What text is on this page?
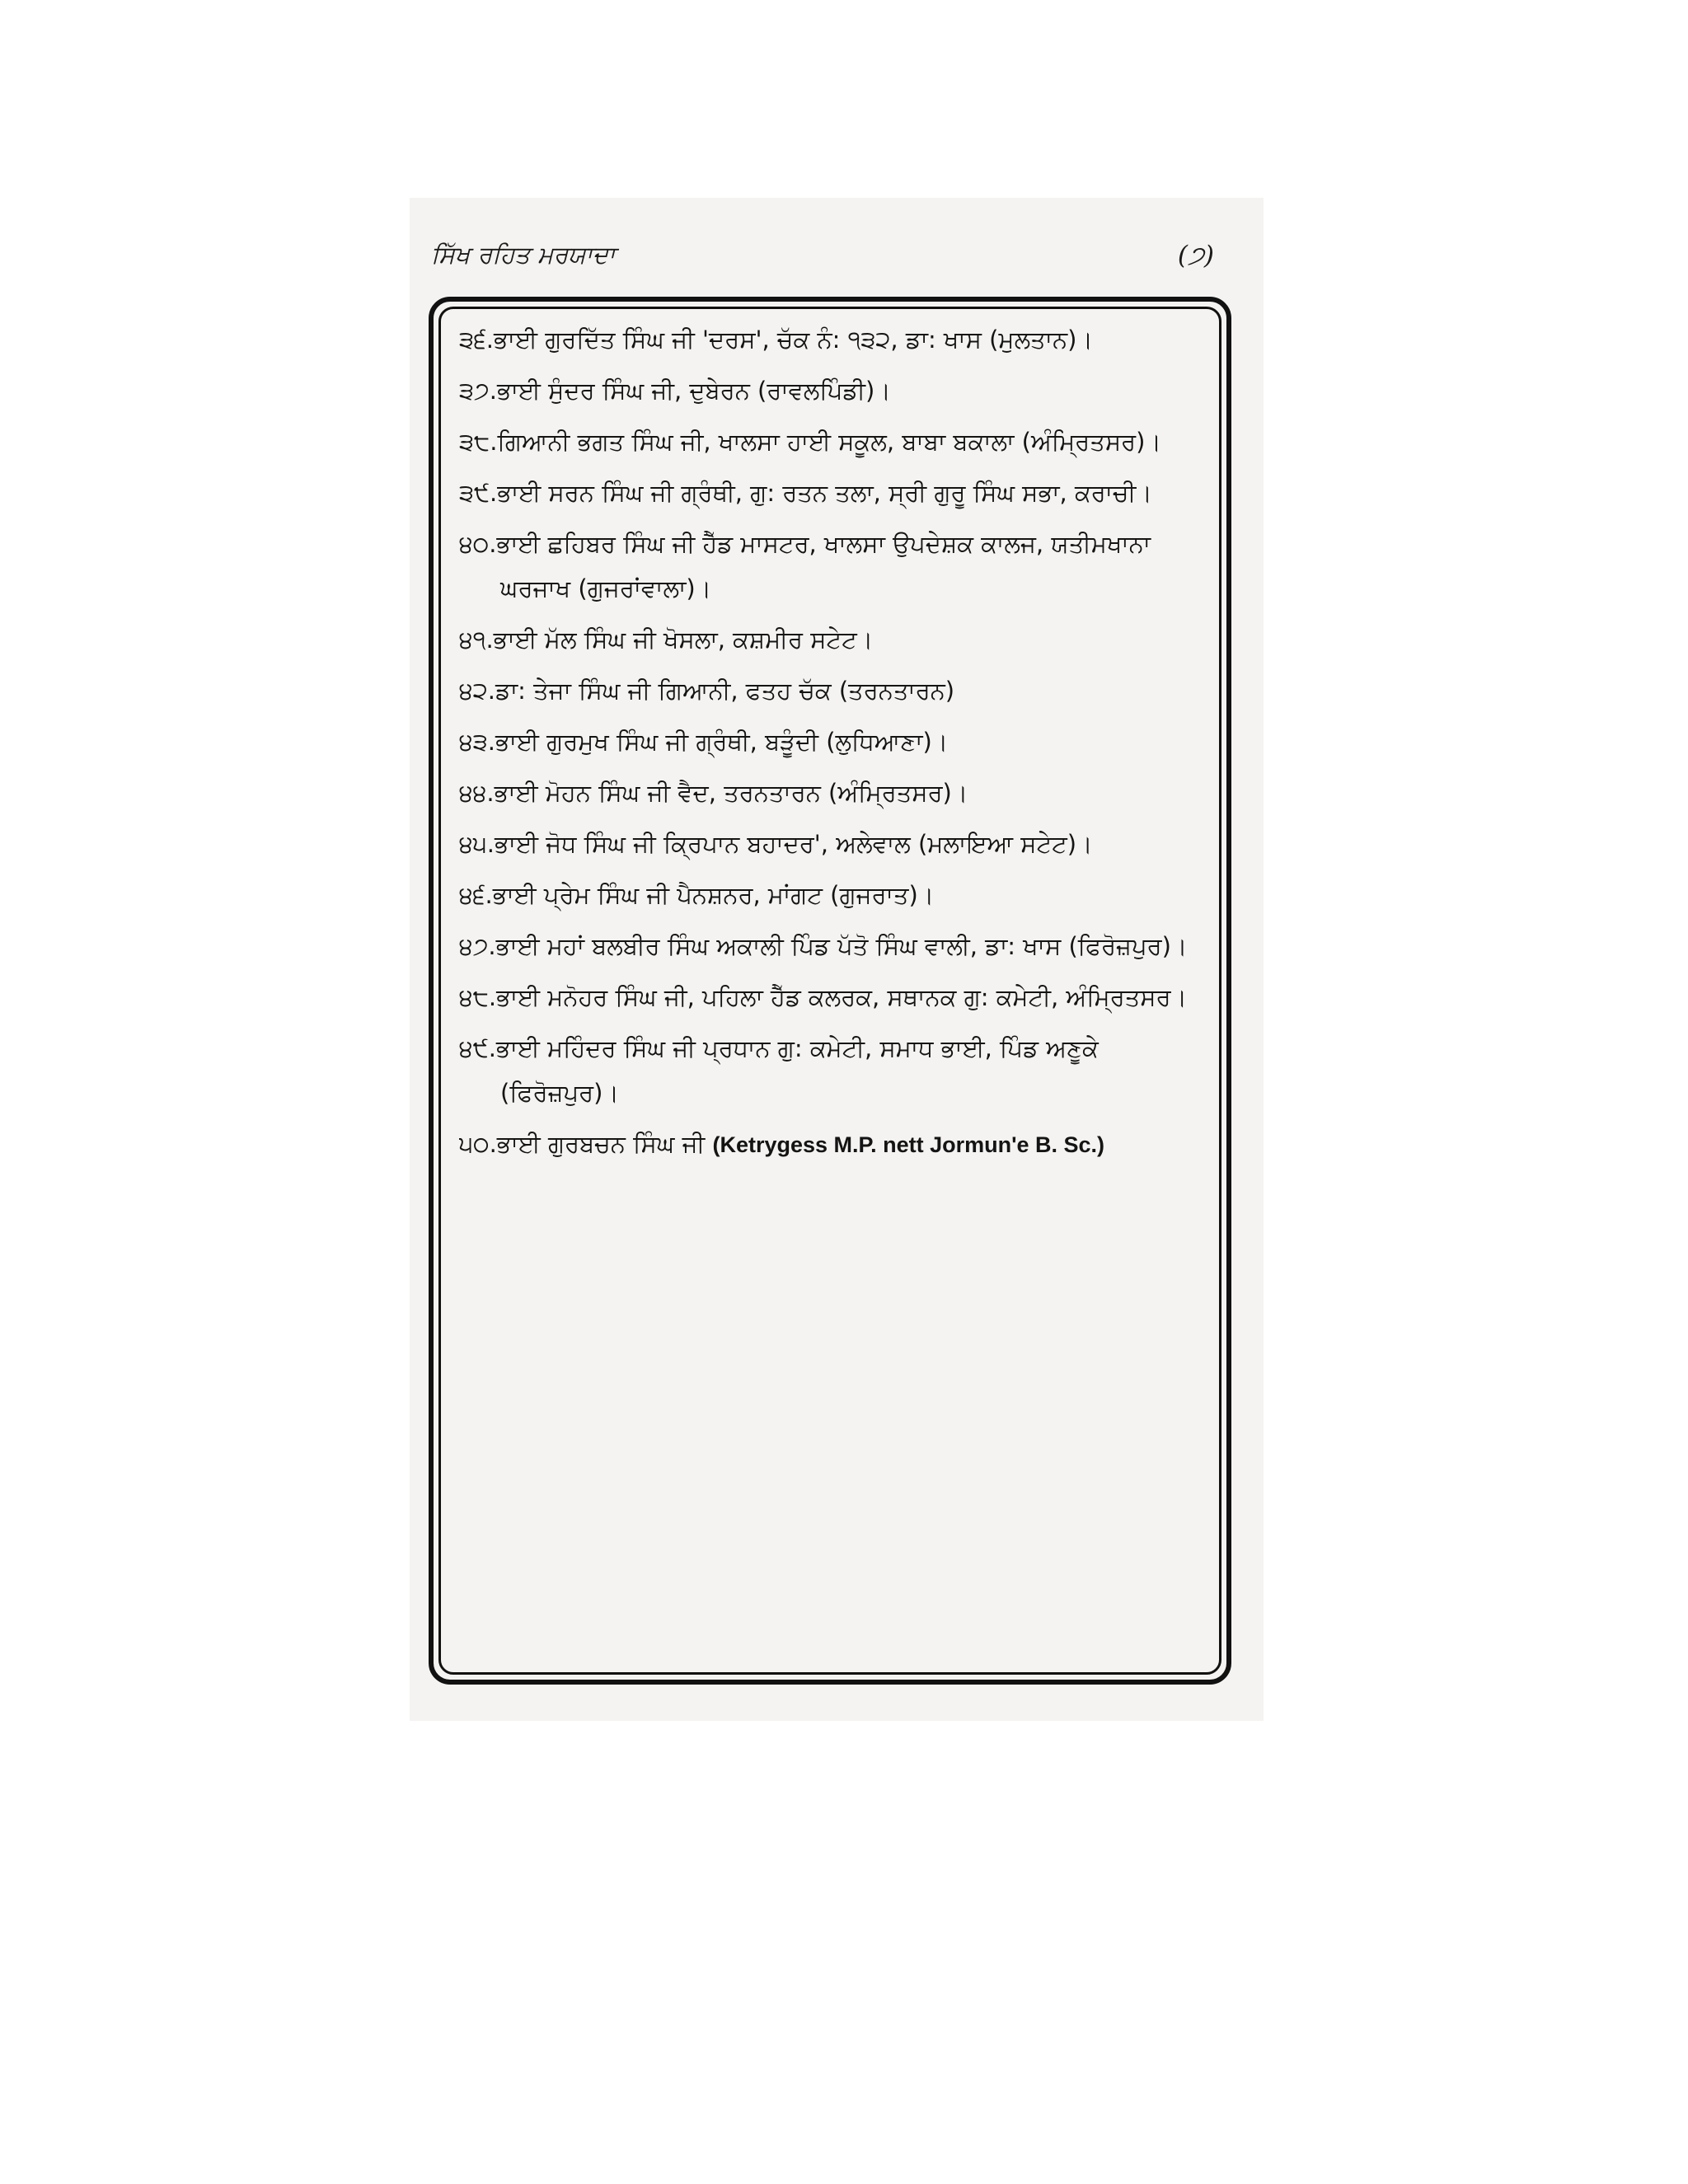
ਸਿੱਖ ਰਹਿਤ ਮਰਯਾਦਾ	(੭)
੩੬.ਭਾਈ ਗੁਰਦਿੱਤ ਸਿੰਘ ਜੀ 'ਦਰਸ', ਚੱਕ ਨੰ: ੧੩੨, ਡਾ: ਖਾਸ (ਮੁਲਤਾਨ)।
੩੭.ਭਾਈ ਸੁੰਦਰ ਸਿੰਘ ਜੀ, ਦੁਬੇਰਨ (ਰਾਵਲਪਿੰਡੀ)।
੩੮.ਗਿਆਨੀ ਭਗਤ ਸਿੰਘ ਜੀ, ਖਾਲਸਾ ਹਾਈ ਸਕੂਲ, ਬਾਬਾ ਬਕਾਲਾ (ਅੰਮ੍ਰਿਤਸਰ)।
੩੯.ਭਾਈ ਸਰਨ ਸਿੰਘ ਜੀ ਗ੍ਰੰਥੀ, ਗੁ: ਰਤਨ ਤਲਾ, ਸ੍ਰੀ ਗੁਰੂ ਸਿੰਘ ਸਭਾ, ਕਰਾਚੀ।
੪੦.ਭਾਈ ਛਹਿਬਰ ਸਿੰਘ ਜੀ ਹੈੱਡ ਮਾਸਟਰ, ਖਾਲਸਾ ਉਪਦੇਸ਼ਕ ਕਾਲਜ, ਯਤੀਮਖਾਨਾ ਘਰਜਾਖ (ਗੁਜਰਾਂਵਾਲਾ)।
੪੧.ਭਾਈ ਮੱਲ ਸਿੰਘ ਜੀ ਖੋਸਲਾ, ਕਸ਼ਮੀਰ ਸਟੇਟ।
੪੨.ਡਾ: ਤੇਜਾ ਸਿੰਘ ਜੀ ਗਿਆਨੀ, ਫਤਹ ਚੱਕ (ਤਰਨਤਾਰਨ)
੪੩.ਭਾਈ ਗੁਰਮੁਖ ਸਿੰਘ ਜੀ ਗ੍ਰੰਥੀ, ਬੜੂੰਦੀ (ਲੁਧਿਆਣਾ)।
੪੪.ਭਾਈ ਮੋਹਨ ਸਿੰਘ ਜੀ ਵੈਦ, ਤਰਨਤਾਰਨ (ਅੰਮ੍ਰਿਤਸਰ)।
੪੫.ਭਾਈ ਜੋਧ ਸਿੰਘ ਜੀ ਕ੍ਰਿਪਾਨ ਬਹਾਦਰ', ਅਲੇਵਾਲ (ਮਲਾਇਆ ਸਟੇਟ)।
੪੬.ਭਾਈ ਪ੍ਰੇਮ ਸਿੰਘ ਜੀ ਪੈਨਸ਼ਨਰ, ਮਾਂਗਟ (ਗੁਜਰਾਤ)।
੪੭.ਭਾਈ ਮਹਾਂ ਬਲਬੀਰ ਸਿੰਘ ਅਕਾਲੀ ਪਿੰਡ ਪੱਤੋ ਸਿੰਘ ਵਾਲੀ, ਡਾ: ਖਾਸ (ਫਿਰੋਜ਼ਪੁਰ)।
੪੮.ਭਾਈ ਮਨੋਹਰ ਸਿੰਘ ਜੀ, ਪਹਿਲਾ ਹੈੱਡ ਕਲਰਕ, ਸਥਾਨਕ ਗੁ: ਕਮੇਟੀ, ਅੰਮ੍ਰਿਤਸਰ।
੪੯.ਭਾਈ ਮਹਿੰਦਰ ਸਿੰਘ ਜੀ ਪ੍ਰਧਾਨ ਗੁ: ਕਮੇਟੀ, ਸਮਾਧ ਭਾਈ, ਪਿੰਡ ਅਣੂਕੇ (ਫਿਰੋਜ਼ਪੁਰ)।
੫੦.ਭਾਈ ਗੁਰਬਚਨ ਸਿੰਘ ਜੀ (Ketrygess M.P. nett Jormun'e B. Sc.)
